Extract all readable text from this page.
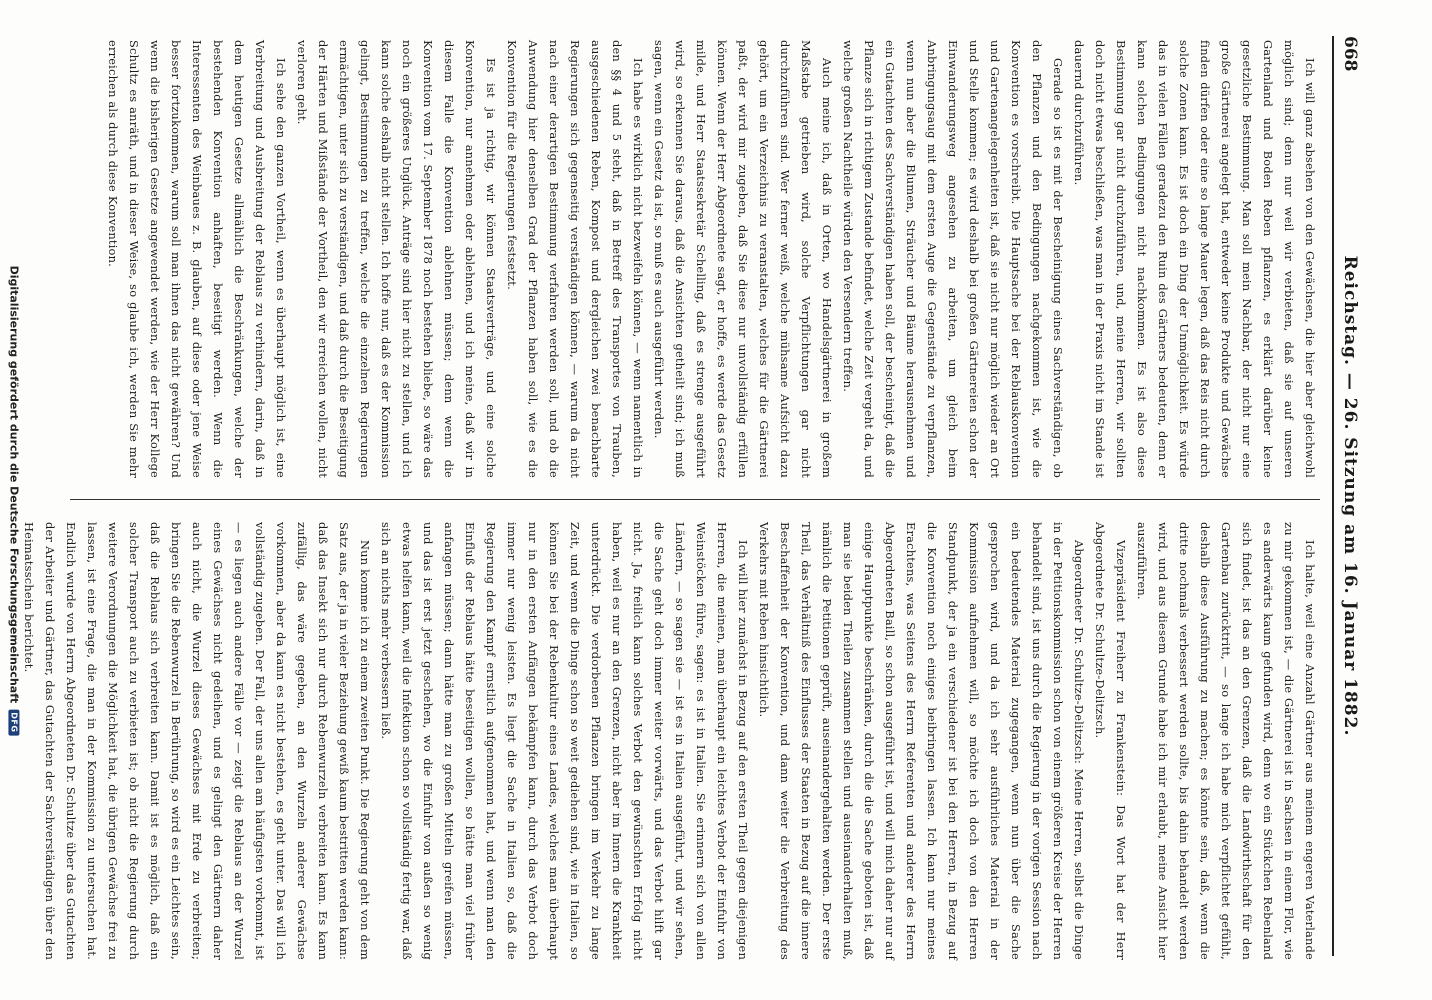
668
Reichstag. — 26. Sitzung am 16. Januar 1882.

Ich will ganz absehen von den Gewächsen, die hier aber gleichwohl möglich sind; denn nur weil wir verbieten, daß sie auf unseren Gartenland und Boden Reben pflanzen, es erklärt darüber keine gesetzliche Bestimmung. Man soll mein Nachbar, der nicht nur eine große Gärtnerei angelegt hat, entweder keine Produkte und Gewächse finden dürfen oder eine so lange Mauer legen, daß das Reis nicht durch solche Zonen kann. Es ist doch ein Ding der Unmöglichkeit. Es würde das in vielen Fällen geradezu den Ruin des Gärtners bedeuten, denn er kann solchen Bedingungen nicht nachkommen. Es ist also diese Bestimmung gar nicht durchzuführen, und, meine Herren, wir sollten doch nicht etwas beschließen, was man in der Praxis nicht im Stande ist dauernd durchzuführen.

Gerade so ist es mit der Bescheinigung eines Sachverständigen, ob den Pflanzen und den Bedingungen nachgekommen ist, wie die Konvention es vorschreibt. Die Hauptsache bei der Reblauskonvention und Gartenangelegenheiten ist, daß sie nicht nur möglich wieder an Ort und Stelle kommen; es wird deshalb bei großen Gärtnereien schon der Einwanderungsweg angesehen zu arbeiten, um gleich beim Anbringungsaug mit dem ersten Auge die Gegenstände zu verpflanzen, wenn nun aber die Blumen, Sträucher und Bäume herausnehmen und ein Gutachten des Sachverständigen haben soll, der bescheinigt, daß die Pflanze sich in richtigem Zustande befindet, welche Zeit vergeht da, und welche großen Nachtheile würden den Versendern treffen.

Auch meine ich, daß in Orten, wo Handelsgärtnerei in großem Maßstabe getrieben wird, solche Verpflichtungen gar nicht durchzuführen sind. Wer ferner weiß, welche mühsame Aufsicht dazu gehört, um ein Verzeichnis zu veranstalten, welches für die Gärtnerei paßt, der wird mir zugeben, daß Sie diese nur unvollständig erfüllen können. Wenn der Herr Abgeordnete sagt, er hoffe, es werde das Gesetz milde, und Herr Staatssekretär Schelling, daß es strenge ausgeführt wird, so erkennen Sie daraus, daß die Ansichten getheilt sind; ich muß sagen, wenn ein Gesetz da ist, so muß es auch ausgeführt werden.

Ich habe es wirklich nicht bezweifeln können, — wenn namentlich in den §§ 4 und 5 steht, daß in Betreff des Transportes von Trauben, ausgeschiedenen Reben, Kompost und dergleichen zwei benachbarte Regierungen sich gegenseitig verständigen können, — warum da nicht nach einer derartigen Bestimmung verfahren werden soll, und ob die Anwendung hier denselben Grad der Pflanzen haben soll, wie es die Konvention für die Regierungen festsetzt.

Es ist ja richtig, wir können Staatsverträge, und eine solche Konvention, nur annehmen oder ablehnen, und ich meine, daß wir in diesem Falle die Konvention ablehnen müssen; denn wenn die Konvention vom 17. September 1878 noch bestehen bliebe, so wäre das noch ein größeres Unglück. Anträge sind hier nicht zu stellen, und ich kann solche deshalb nicht stellen. Ich hoffe nur, daß es der Kommission gelingt, Bestimmungen zu treffen, welche die einzelnen Regierungen ermächtigen, unter sich zu verständigen, und daß durch die Beseitigung der Härten und Mißstände der Vortheil, den wir erreichen wollen, nicht verloren geht.

Ich sehe den ganzen Vortheil, wenn es überhaupt möglich ist, eine Verbreitung und Ausbreitung der Reblaus zu verhindern, darin, daß in dem heutigen Gesetze allmählich die Beschränkungen, welche der bestehenden Konvention anhaften, beseitigt werden. Wenn die Interessenten des Weinbaues z. B. glauben, auf diese oder jene Weise besser fortzukommen, warum soll man ihnen das nicht gewähren? Und wenn die bisherigen Gesetze angewendet werden, wie der Herr Kollege Schultz es anräth, und in dieser Weise, so glaube ich, werden Sie mehr erreichen als durch diese Konvention.

Ich halte, weil eine Anzahl Gärtner aus meinem engeren Vaterlande zu mir gekommen ist, — die Gärtnerei ist in Sachsen in einem Flor, wie es anderwärts kaum gefunden wird, denn wo ein Stückchen Rebenland sich findet, ist das an den Grenzen, daß die Landwirthschaft für den Gartenbau zurücktritt, — so lange ich habe mich verpflichtet gefühlt, deshalb diese Ausführung zu machen; es könnte sein, daß, wenn die dritte nochmals verbessert werden sollte, bis dahin behandelt werden wird, und aus diesem Grunde habe ich mir erlaubt, meine Ansicht hier auszuführen.

Vizepräsident Freiherr zu Frankenstein: Das Wort hat der Herr Abgeordnete Dr. Schultze-Delitzsch.

Abgeordneter Dr. Schultze-Delitzsch: Meine Herren, selbst die Dinge in der Petitionskommission schon von einem größeren Kreise der Herren behandelt sind, ist uns durch die Regierung in der vorigen Session nach ein bedeutendes Material zugegangen, wenn nun über die Sache gesprochen wird, und da ich sehr ausführliches Material in der Kommission aufnehmen will, so möchte ich doch von den Herren Standpunkt, der ja ein verschiedener ist bei den Herren, in Bezug auf die Konvention noch einiges beibringen lassen. Ich kann nur meines Erachtens, was Seitens des Herrn Referenten und anderer des Herrn Abgeordneten Baill, so schon ausgeführt ist, und will mich daher nur auf einige Hauptpunkte beschränken, durch die die Sache geboten ist, daß man sie beiden Theilen zusammen stellen und auseinanderhalten muß, nämlich die Petitionen geprüft, auseinandergehalten werden. Der erste Theil, das Verhältniß des Einflusses der Staaten in Bezug auf die innere Beschaffenheit der Konvention, und dann weiter die Verbreitung des Verkehrs mit Reben hinsichtlich.

Ich will hier zunächst in Bezug auf den ersten Theil gegen diejenigen Herren, die meinen, man überhaupt ein leichtes Verbot der Einfuhr von Weinstöcken führe, sagen: es ist in Italien. Sie erinnern sich von allen Ländern, — so sagen sie — ist es in Italien ausgeführt, und wir sehen, die Sache geht doch immer weiter vorwärts, und das Verbot hilft gar nicht. Ja, freilich kann solches Verbot den gewünschten Erfolg nicht haben, weil es nur an den Grenzen, nicht aber im Innern die Krankheit unterdrückt. Die verdorbenen Pflanzen bringen im Verkehr zu lange Zeit, und wenn die Dinge schon so weit gediehen sind, wie in Italien, so können Sie bei der Rebenkultur eines Landes, welches man überhaupt nur in den ersten Anfängen bekämpfen kann, durch das Verbot doch immer nur wenig leisten. Es liegt die Sache in Italien so, daß die Regierung den Kampf ernstlich aufgenommen hat, und wenn man den Einfluß der Reblaus hätte beseitigen wollen, so hätte man viel früher anfangen müssen; dann hätte man zu großen Mitteln greifen müssen, und das ist erst jetzt geschehen, wo die Einfuhr von außen so wenig etwas helfen kann, weil die Infektion schon so vollständig fertig war, daß sich an nichts mehr verbessern ließ.

Nun komme ich zu einem zweiten Punkt. Die Regierung geht von dem Satz aus, der ja in vieler Beziehung gewiß kaum bestritten werden kann: daß das Insekt sich nur durch Rebenwurzeln verbreiten kann. Es kann zufällig, das wäre gegeben, an den Wurzeln anderer Gewächse vorkommen, aber da kann es nicht bestehen, es geht unter. Das will ich vollständig zugeben. Der Fall, der uns allen am häufigsten vorkommt, ist — es liegen auch andere Fälle vor — zeigt die Reblaus an der Wurzel eines Gewächses nicht gedeihen, und es gelingt den Gärtnern daher auch nicht, die Wurzel dieses Gewächses mit Erde zu verbreiten; bringen Sie die Rebenwurzel in Berührung, so wird es ein Leichtes sein, daß die Reblaus sich verbreiten kann. Damit ist es möglich, daß ein solcher Transport auch zu verbieten ist; ob nicht die Regierung durch weitere Verordnungen die Möglichkeit hat, die übrigen Gewächse frei zu lassen, ist eine Frage, die man in der Kommission zu untersuchen hat. Endlich wurde von Herrn Abgeordneten Dr. Schultze über das Gutachten der Arbeiter und Gärtner, das Gutachten der Sachverständigen über den Heimatsschein berichtet.

Digitalisierung gefördert durch die Deutsche Forschungsgemeinschaft
DFG
